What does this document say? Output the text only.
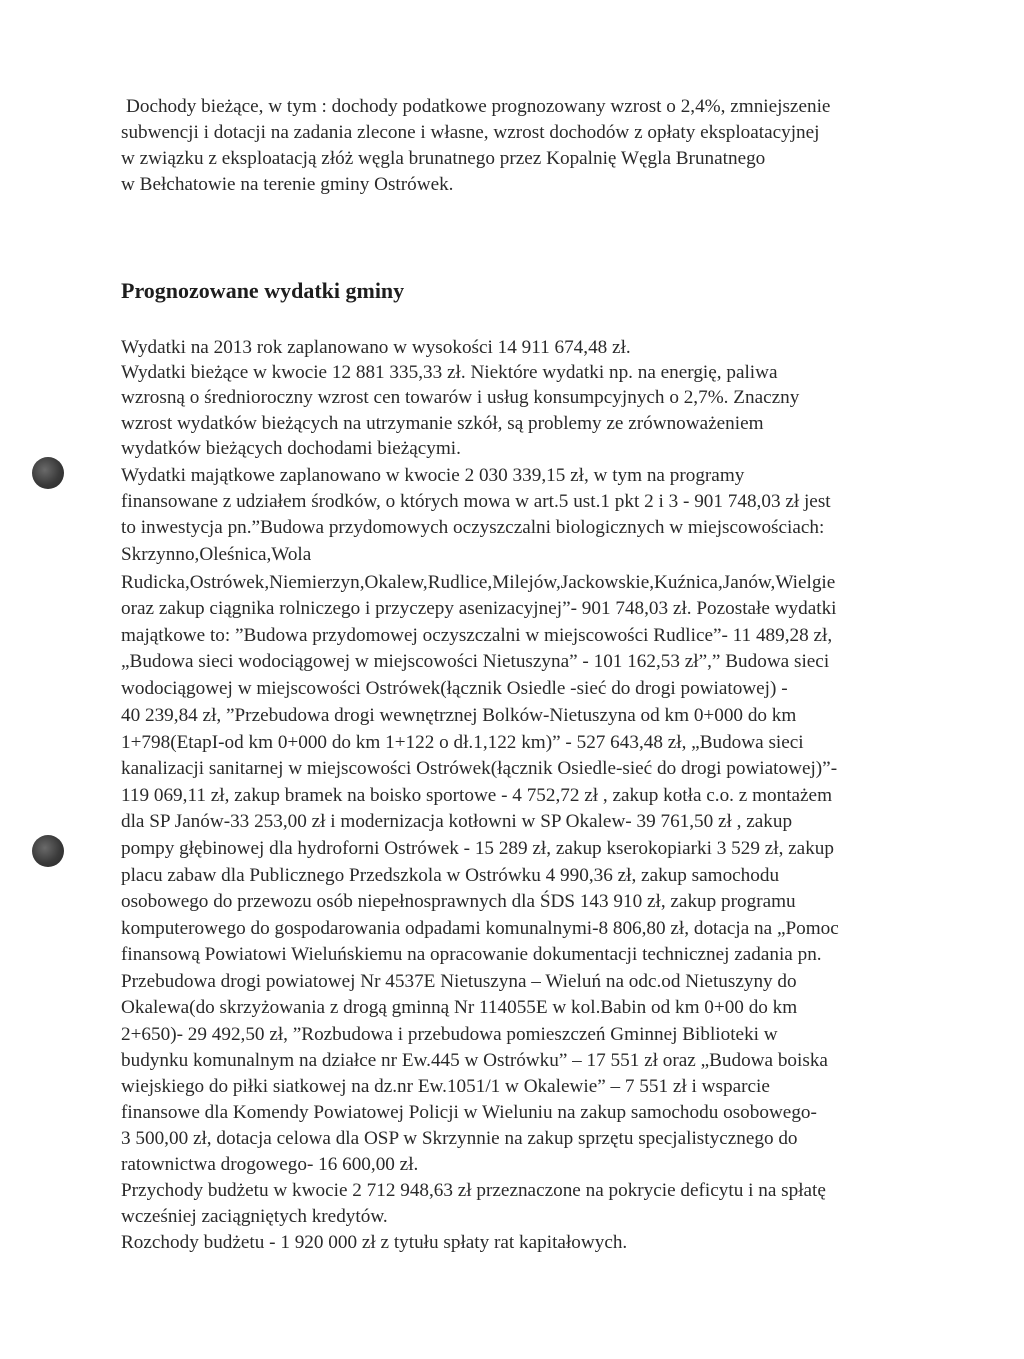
Dochody bieżące, w tym : dochody podatkowe prognozowany wzrost o 2,4%, zmniejszenie
subwencji i dotacji na zadania zlecone i własne, wzrost dochodów z opłaty eksploatacyjnej
w związku z eksploatacją złóż węgla brunatnego przez Kopalnię Węgla Brunatnego
w Bełchatowie na terenie gminy Ostrówek.
Prognozowane wydatki gminy
Wydatki na 2013 rok zaplanowano w wysokości 14 911 674,48 zł.
Wydatki bieżące w kwocie 12 881 335,33 zł. Niektóre wydatki np. na energię, paliwa
wzrosną o średnioroczny wzrost cen towarów i usług konsumpcyjnych o 2,7%. Znaczny
wzrost wydatków bieżących na utrzymanie szkół, są problemy ze zrównoważeniem
wydatków bieżących dochodami bieżącymi.
Wydatki majątkowe zaplanowano w kwocie 2 030 339,15 zł, w tym na programy
finansowane z udziałem środków, o których mowa w art.5 ust.1 pkt 2 i 3 - 901 748,03 zł jest
to inwestycja pn.”Budowa przydomowych oczyszczalni biologicznych w miejscowościach:
Skrzynno,Oleśnica,Wola
Rudicka,Ostrówek,Niemierzyn,Okalew,Rudlice,Milejów,Jackowskie,Kuźnica,Janów,Wielgie
oraz zakup ciągnika rolniczego i przyczepy asenizacyjnej”- 901 748,03 zł. Pozostałe wydatki
majątkowe to: ”Budowa przydomowej oczyszczalni w miejscowości Rudlice”- 11 489,28 zł,
„Budowa sieci wodociągowej w miejscowości Nietuszyna” - 101 162,53 zł”,” Budowa sieci
wodociągowej w miejscowości Ostrówek(łącznik Osiedle -sieć do drogi powiatowej) -
40 239,84 zł, ”Przebudowa drogi wewnętrznej Bolków-Nietuszyna od km 0+000 do km
1+798(EtapI-od km 0+000 do km 1+122 o dł.1,122 km)” - 527 643,48 zł, „Budowa sieci
kanalizacji sanitarnej w miejscowości Ostrówek(łącznik Osiedle-sieć do drogi powiatowej)”-
119 069,11 zł, zakup bramek na boisko sportowe - 4 752,72 zł , zakup kotła c.o. z montażem
dla SP Janów-33 253,00 zł i modernizacja kotłowni w SP Okalew- 39 761,50 zł , zakup
pompy głębinowej dla hydroforni Ostrówek - 15 289 zł, zakup kserokopiarki 3 529 zł, zakup
placu zabaw dla Publicznego Przedszkola w Ostrówku 4 990,36 zł, zakup samochodu
osobowego do przewozu osób niepełnosprawnych dla ŚDS 143 910 zł, zakup programu
komputerowego do gospodarowania odpadami komunalnymi-8 806,80 zł, dotacja na „Pomoc
finansową Powiatowi Wieluńskiemu na opracowanie dokumentacji technicznej zadania pn.
Przebudowa drogi powiatowej Nr 4537E Nietuszyna – Wieluń na odc.od Nietuszyny do
Okalewa(do skrzyżowania z drogą gminną Nr 114055E w kol.Babin od km 0+00 do km
2+650)- 29 492,50 zł, ”Rozbudowa i przebudowa pomieszczeń Gminnej Biblioteki w
budynku komunalnym na działce nr Ew.445 w Ostrówku” – 17 551 zł oraz „Budowa boiska
wiejskiego do piłki siatkowej na dz.nr Ew.1051/1 w Okalewie” – 7 551 zł i wsparcie
finansowe dla Komendy Powiatowej Policji w Wieluniu na zakup samochodu osobowego-
3 500,00 zł, dotacja celowa dla OSP w Skrzynnie na zakup sprzętu specjalistycznego do
ratownictwa drogowego- 16 600,00 zł.
Przychody budżetu w kwocie 2 712 948,63 zł przeznaczone na pokrycie deficytu i na spłatę
wcześniej zaciągniętych kredytów.
Rozchody budżetu - 1 920 000 zł z tytułu spłaty rat kapitałowych.
